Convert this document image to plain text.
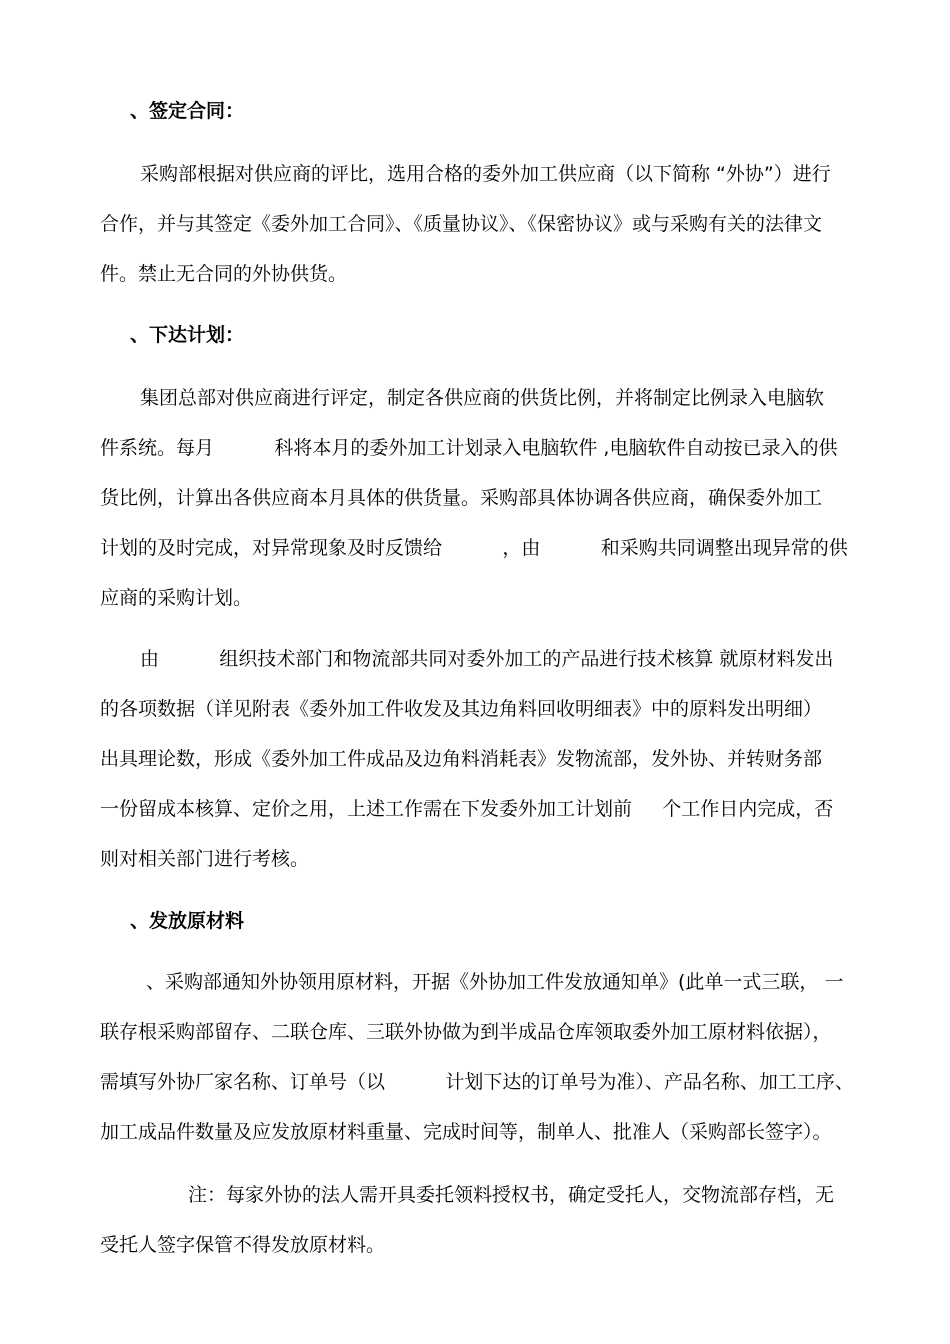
、签定合同：
采购部根据对供应商的评比，选用合格的委外加工供应商（以下简称 “外协”）进行
合作，并与其签定《委外加工合同》、《质量协议》、《保密协议》或与采购有关的法律文
件。禁止无合同的外协供货。
、下达计划：
集团总部对供应商进行评定，制定各供应商的供货比例，并将制定比例录入电脑软
件系统。每月          科将本月的委外加工计划录入电脑软件 ,电脑软件自动按已录入的供
货比例，计算出各供应商本月具体的供货量。采购部具体协调各供应商，确保委外加工
计划的及时完成，对异常现象及时反馈给          ，由          和采购共同调整出现异常的供
应商的采购计划。
由          组织技术部门和物流部共同对委外加工的产品进行技术核算 就原材料发出
的各项数据（详见附表《委外加工件收发及其边角料回收明细表》中的原料发出明细）
出具理论数，形成《委外加工件成品及边角料消耗表》发物流部，发外协、并转财务部
一份留成本核算、定价之用，上述工作需在下发委外加工计划前     个工作日内完成，否
则对相关部门进行考核。
、发放原材料
、采购部通知外协领用原材料，开据《外协加工件发放通知单》(此单一式三联， 一
联存根采购部留存、二联仓库、三联外协做为到半成品仓库领取委外加工原材料依据），
需填写外协厂家名称、订单号（以          计划下达的订单号为准）、产品名称、加工工序、
加工成品件数量及应发放原材料重量、完成时间等，制单人、批准人（采购部长签字）。
注：每家外协的法人需开具委托领料授权书，确定受托人，交物流部存档，无
受托人签字保管不得发放原材料。
